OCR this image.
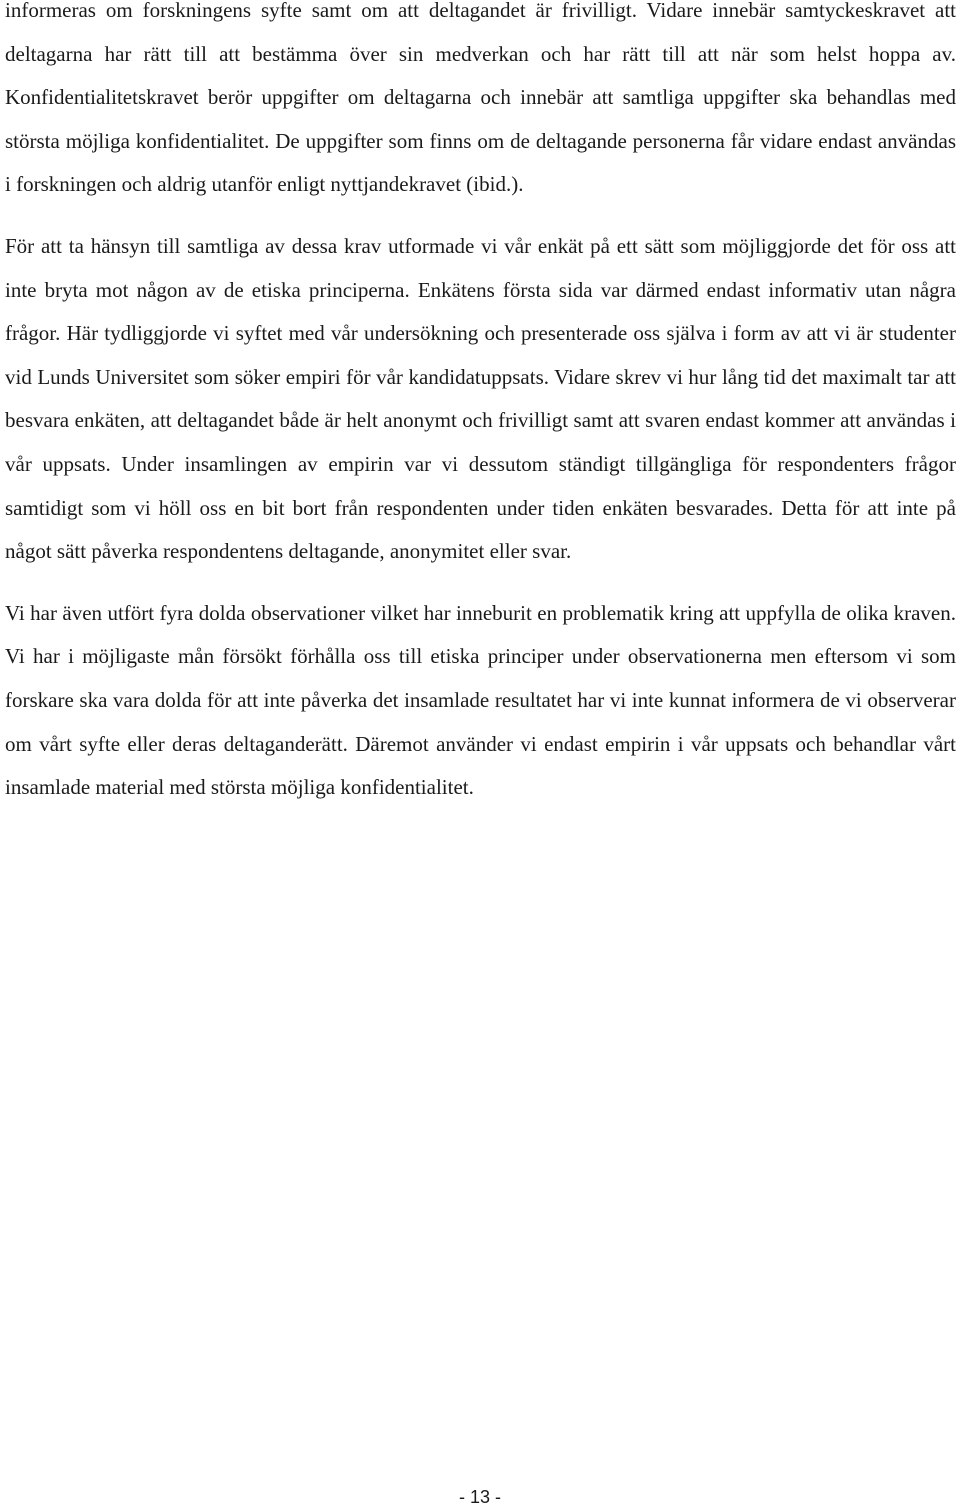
informeras om forskningens syfte samt om att deltagandet är frivilligt. Vidare innebär samtyckeskravet att deltagarna har rätt till att bestämma över sin medverkan och har rätt till att när som helst hoppa av. Konfidentialitetskravet berör uppgifter om deltagarna och innebär att samtliga uppgifter ska behandlas med största möjliga konfidentialitet. De uppgifter som finns om de deltagande personerna får vidare endast användas i forskningen och aldrig utanför enligt nyttjandekravet (ibid.).

För att ta hänsyn till samtliga av dessa krav utformade vi vår enkät på ett sätt som möjliggjorde det för oss att inte bryta mot någon av de etiska principerna. Enkätens första sida var därmed endast informativ utan några frågor. Här tydliggjorde vi syftet med vår undersökning och presenterade oss själva i form av att vi är studenter vid Lunds Universitet som söker empiri för vår kandidatuppsats. Vidare skrev vi hur lång tid det maximalt tar att besvara enkäten, att deltagandet både är helt anonymt och frivilligt samt att svaren endast kommer att användas i vår uppsats. Under insamlingen av empirin var vi dessutom ständigt tillgängliga för respondenters frågor samtidigt som vi höll oss en bit bort från respondenten under tiden enkäten besvarades. Detta för att inte på något sätt påverka respondentens deltagande, anonymitet eller svar.

Vi har även utfört fyra dolda observationer vilket har inneburit en problematik kring att uppfylla de olika kraven. Vi har i möjligaste mån försökt förhålla oss till etiska principer under observationerna men eftersom vi som forskare ska vara dolda för att inte påverka det insamlade resultatet har vi inte kunnat informera de vi observerar om vårt syfte eller deras deltaganderätt. Däremot använder vi endast empirin i vår uppsats och behandlar vårt insamlade material med största möjliga konfidentialitet.

- 13 -
